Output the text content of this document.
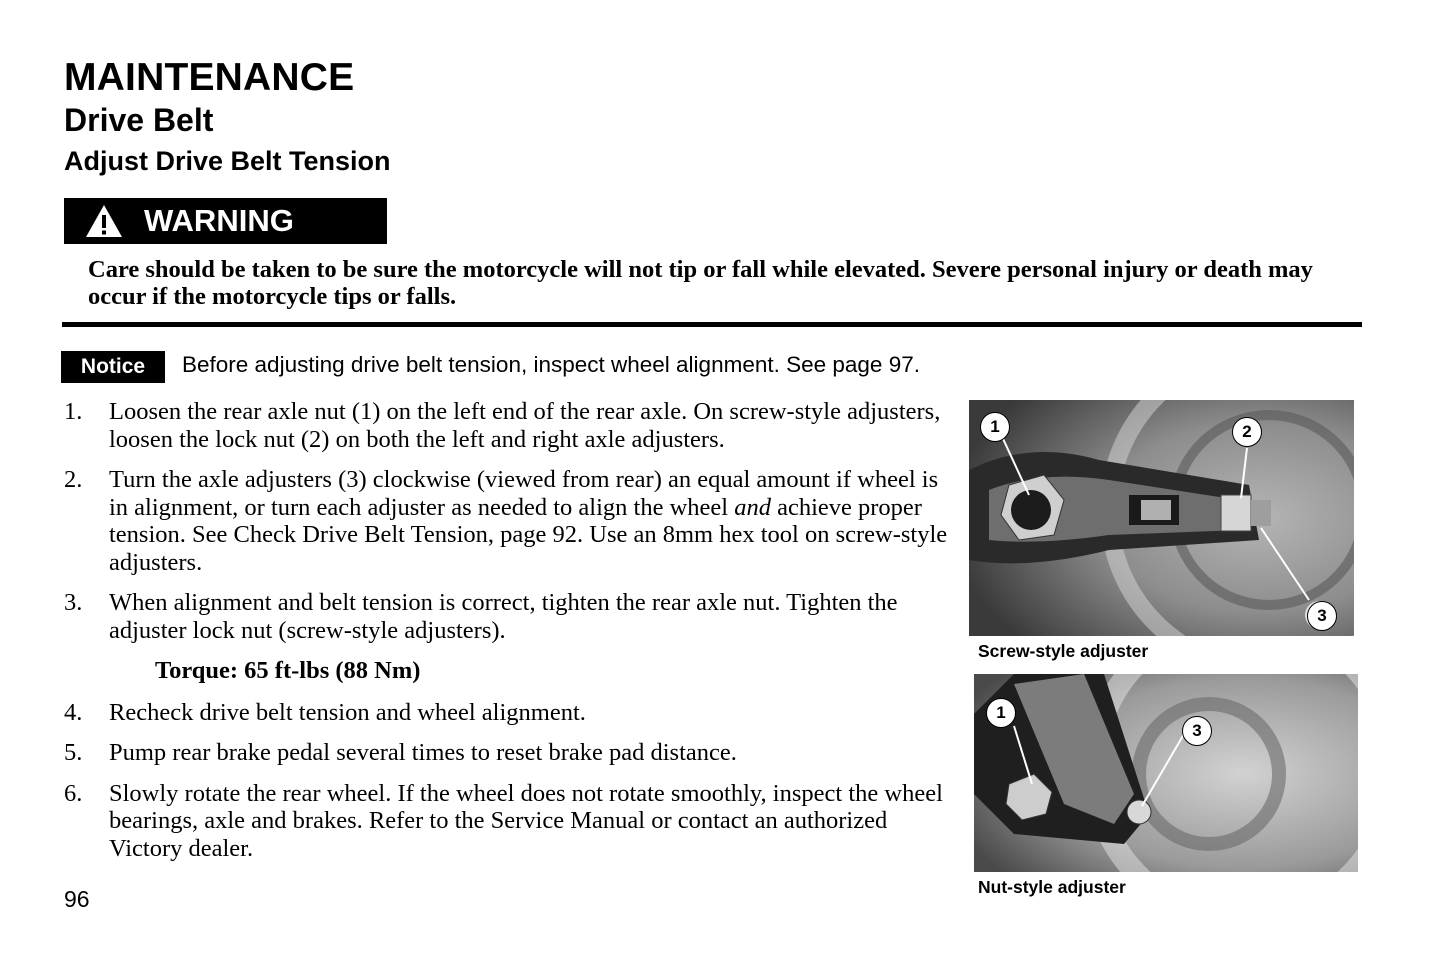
MAINTENANCE
Drive Belt
Adjust Drive Belt Tension
WARNING
Care should be taken to be sure the motorcycle will not tip or fall while elevated. Severe personal injury or death may occur if the motorcycle tips or falls.
Notice	Before adjusting drive belt tension, inspect wheel alignment. See page 97.
1.	Loosen the rear axle nut (1) on the left end of the rear axle. On screw-style adjusters, loosen the lock nut (2) on both the left and right axle adjusters.
2.	Turn the axle adjusters (3) clockwise (viewed from rear) an equal amount if wheel is in alignment, or turn each adjuster as needed to align the wheel and achieve proper tension. See Check Drive Belt Tension, page 92. Use an 8mm hex tool on screw-style adjusters.
3.	When alignment and belt tension is correct, tighten the rear axle nut. Tighten the adjuster lock nut (screw-style adjusters).
Torque: 65 ft-lbs (88 Nm)
4.	Recheck drive belt tension and wheel alignment.
5.	Pump rear brake pedal several times to reset brake pad distance.
6.	Slowly rotate the rear wheel. If the wheel does not rotate smoothly, inspect the wheel bearings, axle and brakes. Refer to the Service Manual or contact an authorized Victory dealer.
96
1	2
3
Screw-style adjuster
1
3
Nut-style adjuster
